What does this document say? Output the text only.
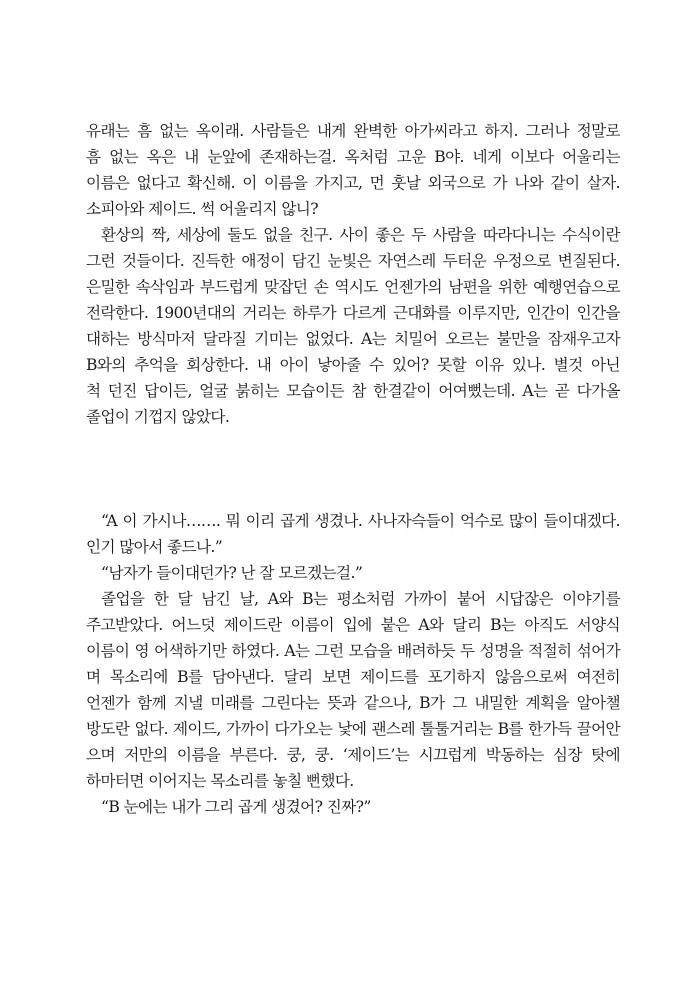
유래는 흠 없는 옥이래. 사람들은 내게 완벽한 아가씨라고 하지. 그러나 정말로
흠 없는 옥은 내 눈앞에 존재하는걸. 옥처럼 고운 B야. 네게 이보다 어울리는
이름은 없다고 확신해. 이 이름을 가지고, 먼 훗날 외국으로 가 나와 같이 살자.
소피아와 제이드. 썩 어울리지 않니?
환상의 짝, 세상에 둘도 없을 친구. 사이 좋은 두 사람을 따라다니는 수식이란
그런 것들이다. 진득한 애정이 담긴 눈빛은 자연스레 두터운 우정으로 변질된다.
은밀한 속삭임과 부드럽게 맞잡던 손 역시도 언젠가의 남편을 위한 예행연습으로
전락한다. 1900년대의 거리는 하루가 다르게 근대화를 이루지만, 인간이 인간을
대하는 방식마저 달라질 기미는 없었다. A는 치밀어 오르는 불만을 잠재우고자
B와의 추억을 회상한다. 내 아이 낳아줄 수 있어? 못할 이유 있나. 별것 아닌
척 던진 답이든, 얼굴 붉히는 모습이든 참 한결같이 어여뻤는데. A는 곧 다가올
졸업이 기껍지 않았다.
“A 이 가시나……. 뭐 이리 곱게 생겼나. 사나자슥들이 억수로 많이 들이대겠다.
인기 많아서 좋드나.”
“남자가 들이대던가? 난 잘 모르겠는걸.”
졸업을 한 달 남긴 날, A와 B는 평소처럼 가까이 붙어 시답잖은 이야기를
주고받았다. 어느덧 제이드란 이름이 입에 붙은 A와 달리 B는 아직도 서양식
이름이 영 어색하기만 하였다. A는 그런 모습을 배려하듯 두 성명을 적절히 섞어가
며 목소리에 B를 담아낸다. 달리 보면 제이드를 포기하지 않음으로써 여전히
언젠가 함께 지낼 미래를 그린다는 뜻과 같으나, B가 그 내밀한 계획을 알아챌
방도란 없다. 제이드, 가까이 다가오는 낯에 괜스레 툴툴거리는 B를 한가득 끌어안
으며 저만의 이름을 부른다. 쿵, 쿵. ‘제이드’는 시끄럽게 박동하는 심장 탓에
하마터면 이어지는 목소리를 놓칠 뻔했다.
“B 눈에는 내가 그리 곱게 생겼어? 진짜?”
